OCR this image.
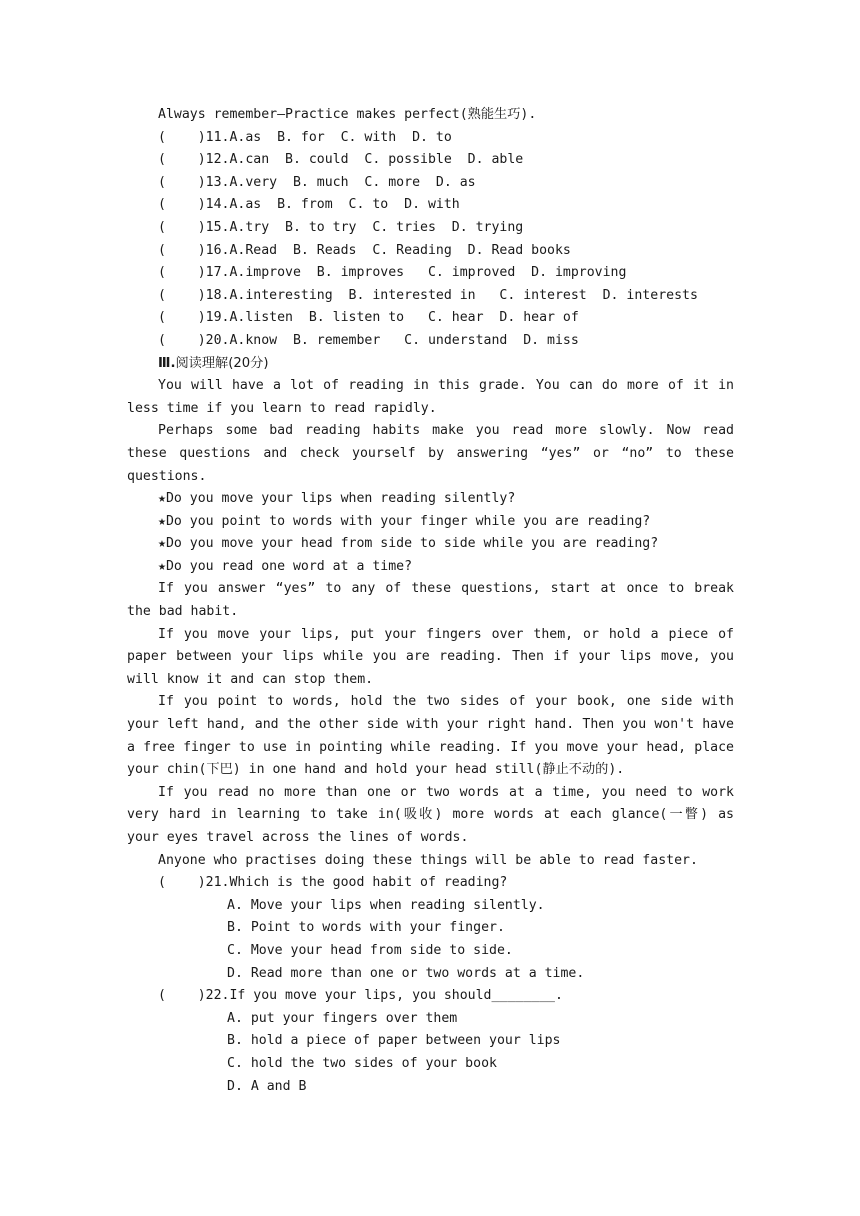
Always remember—Practice makes perfect(熟能生巧).
(    )11.A.as  B. for  C. with  D. to
(    )12.A.can  B. could  C. possible  D. able
(    )13.A.very  B. much  C. more  D. as
(    )14.A.as  B. from  C. to  D. with
(    )15.A.try  B. to try  C. tries  D. trying
(    )16.A.Read  B. Reads  C. Reading  D. Read books
(    )17.A.improve  B. improves   C. improved  D. improving
(    )18.A.interesting  B. interested in   C. interest  D. interests
(    )19.A.listen  B. listen to   C. hear  D. hear of
(    )20.A.know  B. remember   C. understand  D. miss
Ⅲ.阅读理解(20分)
You will have a lot of reading in this grade. You can do more of it in less time if you learn to read rapidly.
Perhaps some bad reading habits make you read more slowly. Now read these questions and check yourself by answering “yes” or “no” to these questions.
★Do you move your lips when reading silently?
★Do you point to words with your finger while you are reading?
★Do you move your head from side to side while you are reading?
★Do you read one word at a time?
If you answer “yes” to any of these questions, start at once to break the bad habit.
If you move your lips, put your fingers over them, or hold a piece of paper between your lips while you are reading. Then if your lips move, you will know it and can stop them.
If you point to words, hold the two sides of your book, one side with your left hand, and the other side with your right hand. Then you won't have a free finger to use in pointing while reading. If you move your head, place your chin(下巴) in one hand and hold your head still(静止不动的).
If you read no more than one or two words at a time, you need to work very hard in learning to take in(吸收) more words at each glance(一瞥) as your eyes travel across the lines of words.
Anyone who practises doing these things will be able to read faster.
(    )21.Which is the good habit of reading?
A. Move your lips when reading silently.
B. Point to words with your finger.
C. Move your head from side to side.
D. Read more than one or two words at a time.
(    )22.If you move your lips, you should________.
A. put your fingers over them
B. hold a piece of paper between your lips
C. hold the two sides of your book
D. A and B
